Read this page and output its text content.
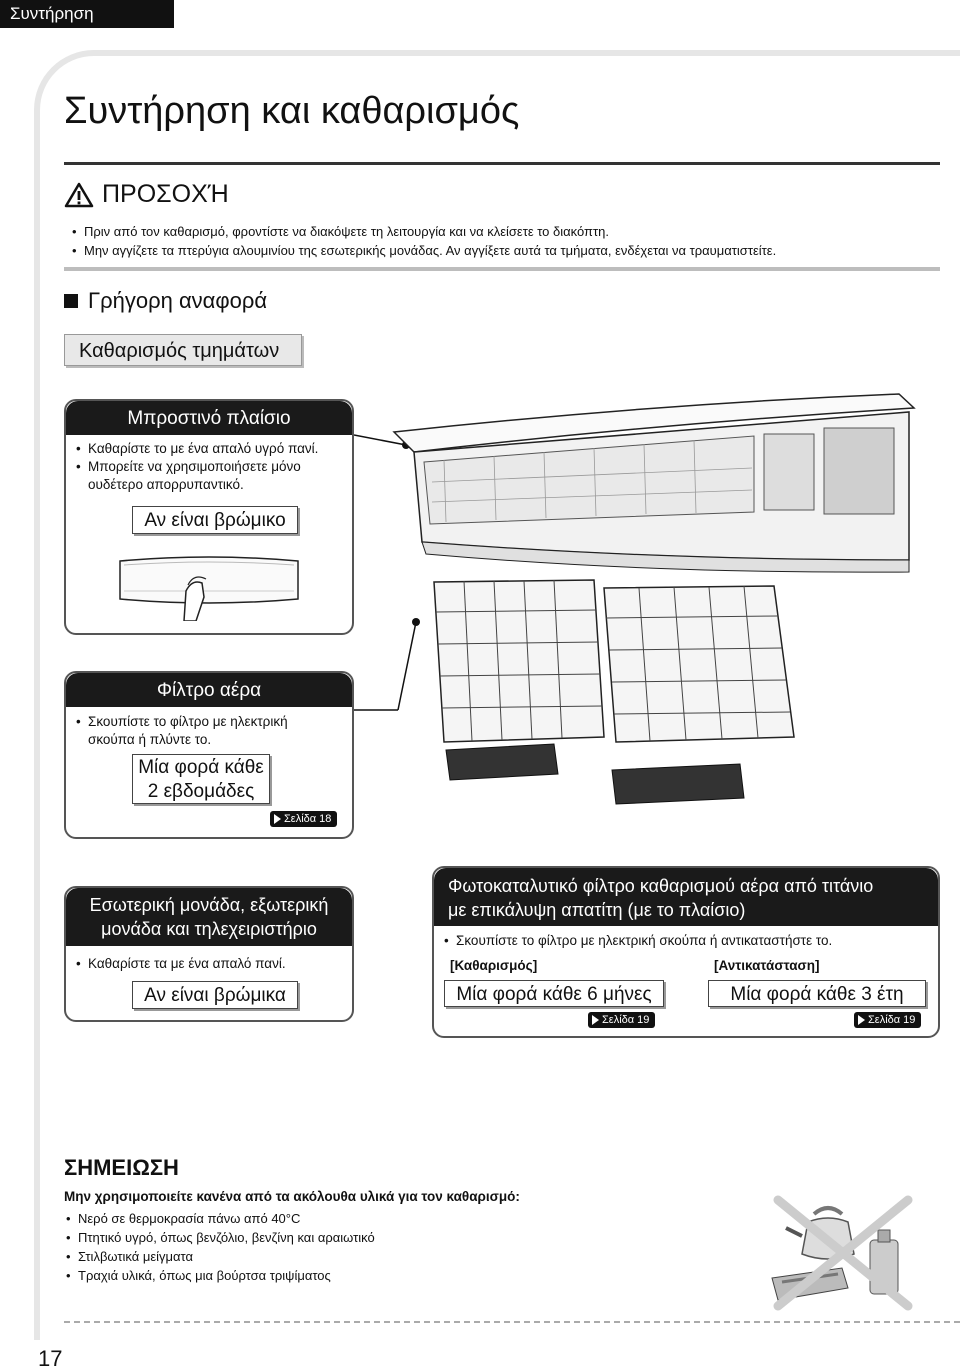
Συντήρηση
Συντήρηση και καθαρισμός
ΠΡΟΣΟΧΉ
• Πριν από τον καθαρισμό, φροντίστε να διακόψετε τη λειτουργία και να κλείσετε το διακόπτη.
• Μην αγγίζετε τα πτερύγια αλουμινίου της εσωτερικής μονάδας. Αν αγγίξετε αυτά τα τμήματα, ενδέχεται να τραυματιστείτε.
Γρήγορη αναφορά
Καθαρισμός τμημάτων
Μπροστινό πλαίσιο
• Καθαρίστε το με ένα απαλό υγρό πανί.
• Μπορείτε να χρησιμοποιήσετε μόνο ουδέτερο απορρυπαντικό.
Αν είναι βρώμικο
Φίλτρο αέρα
• Σκουπίστε το φίλτρο με ηλεκτρική σκούπα ή πλύντε το.
Μία φορά κάθε
2 εβδομάδες
Σελίδα 18
Εσωτερική μονάδα, εξωτερική
μονάδα και τηλεχειριστήριο
• Καθαρίστε τα με ένα απαλό πανί.
Αν είναι βρώμικα
Φωτοκαταλυτικό φίλτρο καθαρισμού αέρα από τιτάνιο
με επικάλυψη απατίτη (με το πλαίσιο)
• Σκουπίστε το φίλτρο με ηλεκτρική σκούπα ή αντικαταστήστε το.
[Καθαρισμός]	[Αντικατάσταση]
Μία φορά κάθε 6 μήνες	Μία φορά κάθε 3 έτη
Σελίδα 19	Σελίδα 19
ΣΗΜΕΙΩΣΗ
Μην χρησιμοποιείτε κανένα από τα ακόλουθα υλικά για τον καθαρισμό:
• Νερό σε θερμοκρασία πάνω από 40°C
• Πτητικό υγρό, όπως βενζόλιο, βενζίνη και αραιωτικό
• Στιλβωτικά μείγματα
• Τραχιά υλικά, όπως μια βούρτσα τριψίματος
17
